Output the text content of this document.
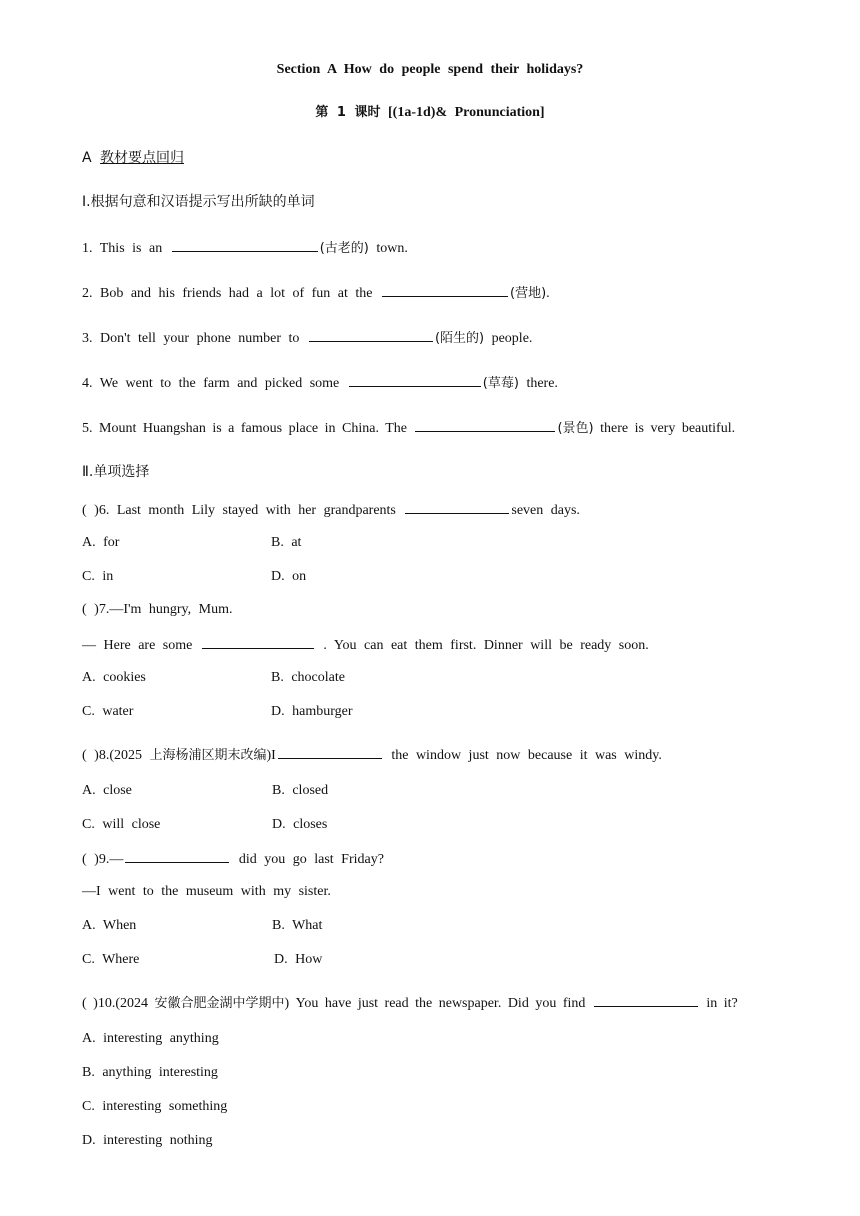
Section A How do people spend their holidays?
第 1 课时 [(1a-1d)& Pronunciation]
A 教材要点回归
Ⅰ.根据句意和汉语提示写出所缺的单词
1. This is an	(古老的) town.
2. Bob and his friends had a lot of fun at the	(营地).
3. Don't tell your phone number to	(陌生的) people.
4. We went to the farm and picked some	(草莓) there.
5. Mount Huangshan is a famous place in China. The	(景色) there is very beautiful.
Ⅱ.单项选择
( )6. Last month Lily stayed with her grandparents	seven days.
A. for	B. at
C. in	D. on
( )7.—I'm hungry, Mum.
— Here are some	. You can eat them first. Dinner will be ready soon.
A. cookies	B. chocolate
C. water	D. hamburger
( )8.(2025 上海杨浦区期末改编)I	the window just now because it was windy.
A. close	B. closed
C. will close	D. closes
( )9.—	did you go last Friday?
—I went to the museum with my sister.
A. When	B. What
C. Where	D. How
( )10.(2024 安徽合肥金湖中学期中) You have just read the newspaper. Did you find	in it?
A. interesting anything
B. anything interesting
C. interesting something
D. interesting nothing
